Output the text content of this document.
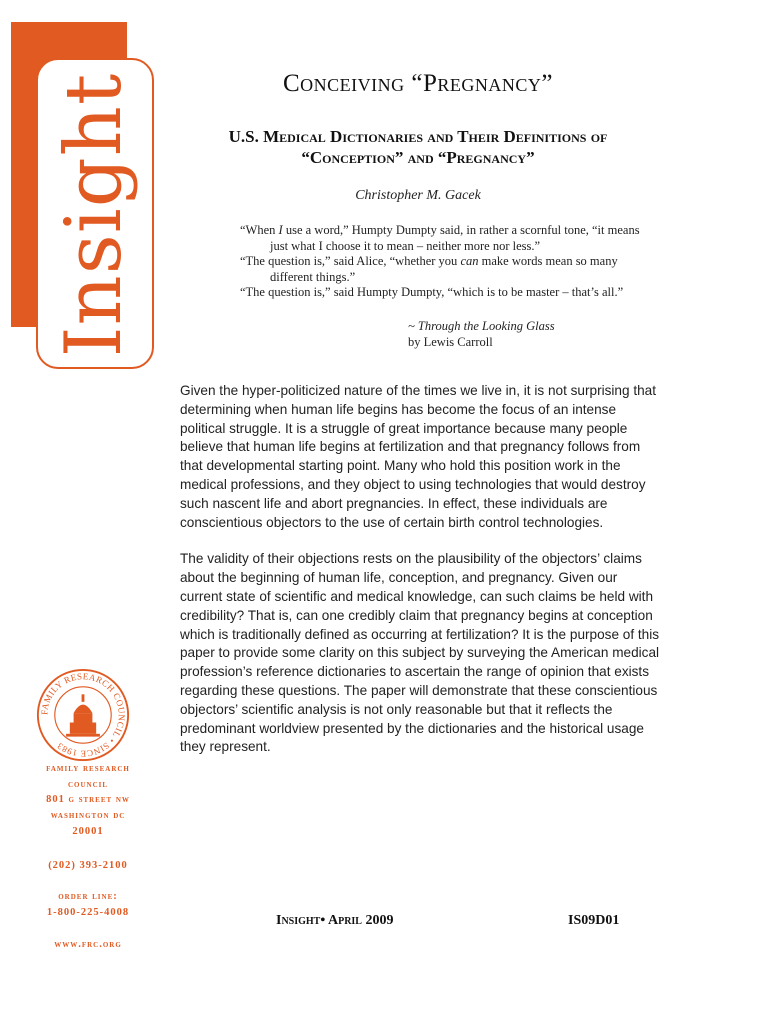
Insight	Conceiving “Pregnancy”
U.S. Medical Dictionaries and Their Definitions of
“Conception” and “Pregnancy”
Christopher M. Gacek

“When I use a word,” Humpty Dumpty said, in rather a scornful tone, “it means just what I choose it to mean – neither more nor less.”

“The question is,” said Alice, “whether you can make words mean so many different things.”

“The question is,” said Humpty Dumpty, “which is to be master – that’s all.”

~ Through the Looking Glass
by Lewis Carroll

Given the hyper-politicized nature of the times we live in, it is not surprising that determining when human life begins has become the focus of an intense political struggle. It is a struggle of great importance because many people believe that human life begins at fertilization and that pregnancy follows from that developmental starting point. Many who hold this position work in the medical professions, and they object to using technologies that would destroy such nascent life and abort pregnancies. In effect, these individuals are conscientious objectors to the use of certain birth control technologies.

The validity of their objections rests on the plausibility of the objectors’ claims about the beginning of human life, conception, and pregnancy. Given our current state of scientific and medical knowledge, can such claims be held with credibility? That is, can one credibly claim that pregnancy begins at conception which is traditionally defined as occurring at fertilization? It is the purpose of this paper to provide some clarity on this subject by surveying the American medical profession’s reference dictionaries to ascertain the range of opinion that exists regarding these questions. The paper will demonstrate that these conscientious objectors’ scientific analysis is not only reasonable but that it reflects the predominant worldview presented by the dictionaries and the historical usage they represent.

FAMILY RESEARCH COUNCIL • SINCE 1983
family research
council
801 g street nw
washington dc
20001
(202) 393-2100
order line:
1-800-225-4008
www.frc.org
Insight• April 2009	IS09D01
